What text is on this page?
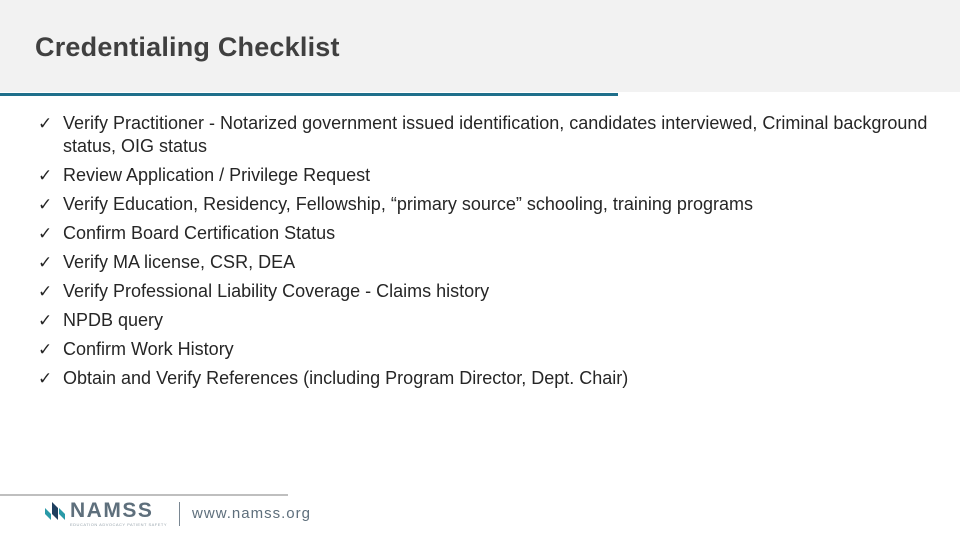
Credentialing Checklist
✓ Verify Practitioner - Notarized government issued identification, candidates interviewed, Criminal background status, OIG status
✓ Review Application / Privilege Request
✓ Verify Education, Residency, Fellowship, “primary source” schooling, training programs
✓ Confirm Board Certification Status
✓ Verify MA license, CSR, DEA
✓ Verify Professional Liability Coverage - Claims history
✓ NPDB query
✓ Confirm Work History
✓ Obtain and Verify References (including Program Director, Dept. Chair)
NAMSS
EDUCATION ADVOCACY PATIENT SAFETY
www.namss.org
